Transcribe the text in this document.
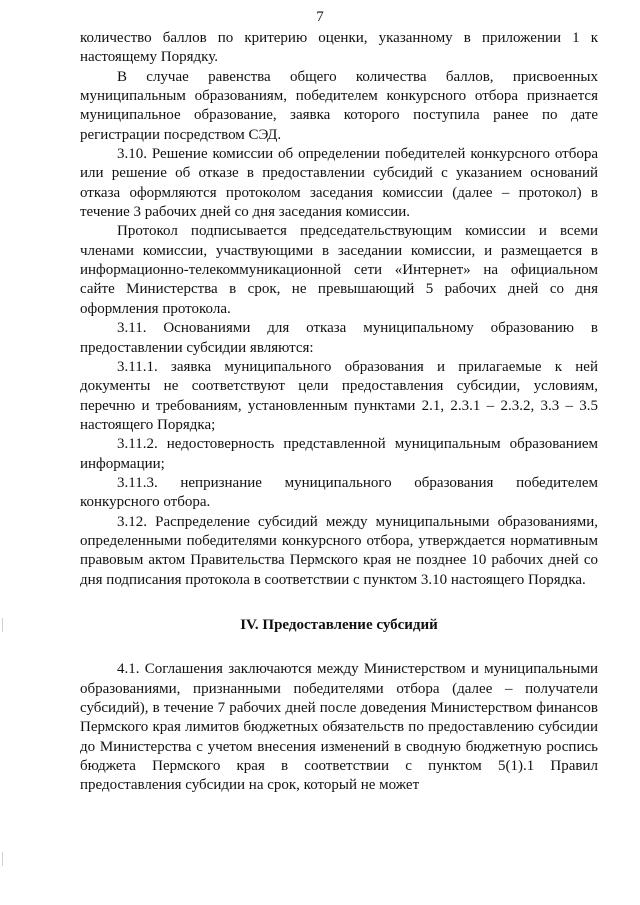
7

количество баллов по критерию оценки, указанному в приложении 1 к настоящему Порядку.

В случае равенства общего количества баллов, присвоенных муниципальным образованиям, победителем конкурсного отбора признается муниципальное образование, заявка которого поступила ранее по дате регистрации посредством СЭД.

3.10. Решение комиссии об определении победителей конкурсного отбора или решение об отказе в предоставлении субсидий с указанием оснований отказа оформляются протоколом заседания комиссии (далее – протокол) в течение 3 рабочих дней со дня заседания комиссии.

Протокол подписывается председательствующим комиссии и всеми членами комиссии, участвующими в заседании комиссии, и размещается в информационно-телекоммуникационной сети «Интернет» на официальном сайте Министерства в срок, не превышающий 5 рабочих дней со дня оформления протокола.

3.11. Основаниями для отказа муниципальному образованию в предоставлении субсидии являются:

3.11.1. заявка муниципального образования и прилагаемые к ней документы не соответствуют цели предоставления субсидии, условиям, перечню и требованиям, установленным пунктами 2.1, 2.3.1 – 2.3.2, 3.3 – 3.5 настоящего Порядка;

3.11.2. недостоверность представленной муниципальным образованием информации;

3.11.3. непризнание муниципального образования победителем конкурсного отбора.

3.12. Распределение субсидий между муниципальными образованиями, определенными победителями конкурсного отбора, утверждается нормативным правовым актом Правительства Пермского края не позднее 10 рабочих дней со дня подписания протокола в соответствии с пунктом 3.10 настоящего Порядка.

IV. Предоставление субсидий

4.1. Соглашения заключаются между Министерством и муниципальными образованиями, признанными победителями отбора (далее – получатели субсидий), в течение 7 рабочих дней после доведения Министерством финансов Пермского края лимитов бюджетных обязательств по предоставлению субсидии до Министерства с учетом внесения изменений в сводную бюджетную роспись бюджета Пермского края в соответствии с пунктом 5(1).1 Правил предоставления субсидии на срок, который не может
